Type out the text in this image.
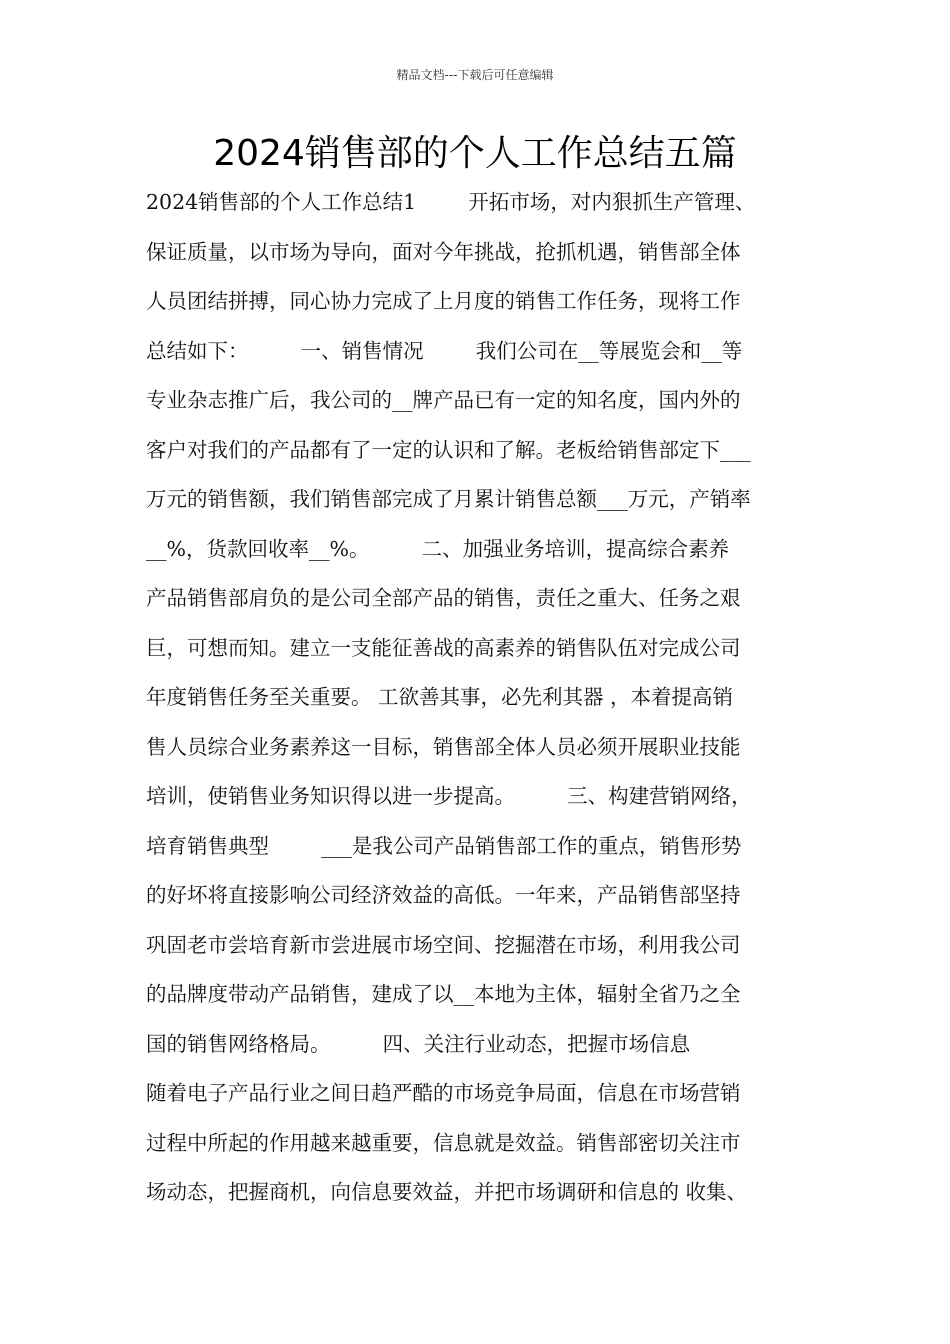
精品文档---下载后可任意编辑
2024销售部的个人工作总结五篇
2024销售部的个人工作总结1        开拓市场，对内狠抓生产管理、
保证质量，以市场为导向，面对今年挑战，抢抓机遇，销售部全体
人员团结拼搏，同心协力完成了上月度的销售工作任务，现将工作
总结如下：        一、销售情况        我们公司在__等展览会和__等
专业杂志推广后，我公司的__牌产品已有一定的知名度，国内外的
客户对我们的产品都有了一定的认识和了解。老板给销售部定下___
万元的销售额，我们销售部完成了月累计销售总额___万元，产销率
__%，货款回收率__%。        二、加强业务培训，提高综合素养
产品销售部肩负的是公司全部产品的销售，责任之重大、任务之艰
巨，可想而知。建立一支能征善战的高素养的销售队伍对完成公司
年度销售任务至关重要。 工欲善其事，必先利其器 ，本着提高销
售人员综合业务素养这一目标，销售部全体人员必须开展职业技能
培训，使销售业务知识得以进一步提高。        三、构建营销网络，
培育销售典型        ___是我公司产品销售部工作的重点，销售形势
的好坏将直接影响公司经济效益的高低。一年来，产品销售部坚持
巩固老市尝培育新市尝进展市场空间、挖掘潜在市场，利用我公司
的品牌度带动产品销售，建成了以__本地为主体，辐射全省乃之全
国的销售网络格局。        四、关注行业动态，把握市场信息
随着电子产品行业之间日趋严酷的市场竞争局面，信息在市场营销
过程中所起的作用越来越重要，信息就是效益。销售部密切关注市
场动态，把握商机，向信息要效益，并把市场调研和信息的 收集、
